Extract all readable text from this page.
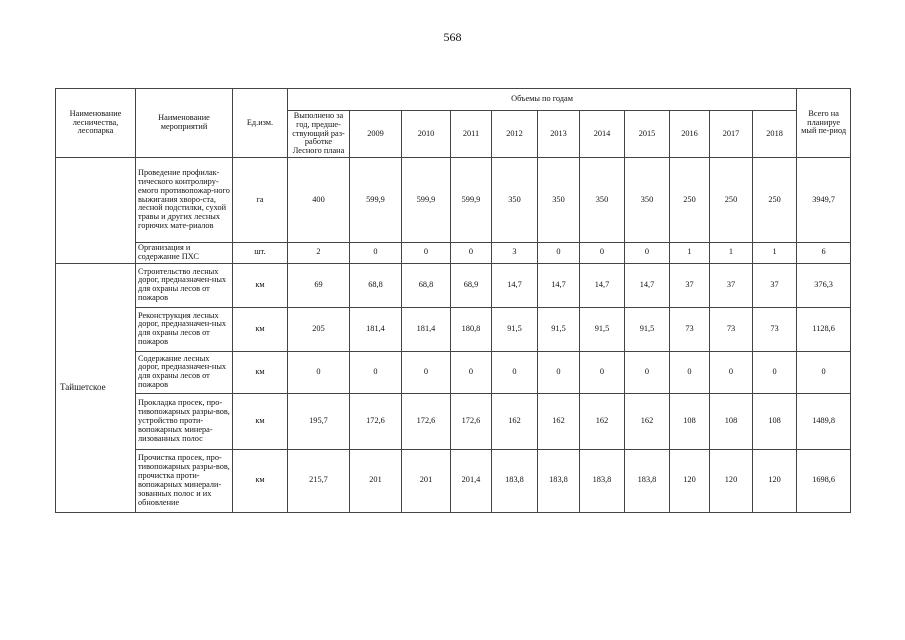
568
Наименование лесничества, лесопарка	Наименование мероприятий	Ед.изм.	Объемы по годам											Всего на планируе мый пе-риод
			Выполнено за год, предше-ствующий раз-работке Лесного плана	2009	2010	2011	2012	2013	2014	2015	2016	2017	2018	
	Проведение профилак-тического контролиру-емого противопожар-ного выжигания хворо-ста, лесной подстилки, сухой травы и других лесных горючих мате-риалов	га	400	599,9	599,9	599,9	350	350	350	350	250	250	250	3949,7
	Организация и содержание ПХС	шт.	2	0	0	0	3	0	0	0	1	1	1	6
Тайшетское	Строительство лесных дорог, предназначен-ных для охраны лесов от пожаров	км	69	68,8	68,8	68,9	14,7	14,7	14,7	14,7	37	37	37	376,3
	Реконструкция лесных дорог, предназначен-ных для охраны лесов от пожаров	км	205	181,4	181,4	180,8	91,5	91,5	91,5	91,5	73	73	73	1128,6
	Содержание лесных дорог, предназначен-ных для охраны лесов от пожаров	км	0	0	0	0	0	0	0	0	0	0	0	0
	Прокладка просек, про-тивопожарных разры-вов, устройство проти-вопожарных минера-лизованных полос	км	195,7	172,6	172,6	172,6	162	162	162	162	108	108	108	1489,8
	Прочистка просек, про-тивопожарных разры-вов, прочистка проти-вопожарных минерали-зованных полос и их обновление	км	215,7	201	201	201,4	183,8	183,8	183,8	183,8	120	120	120	1698,6
